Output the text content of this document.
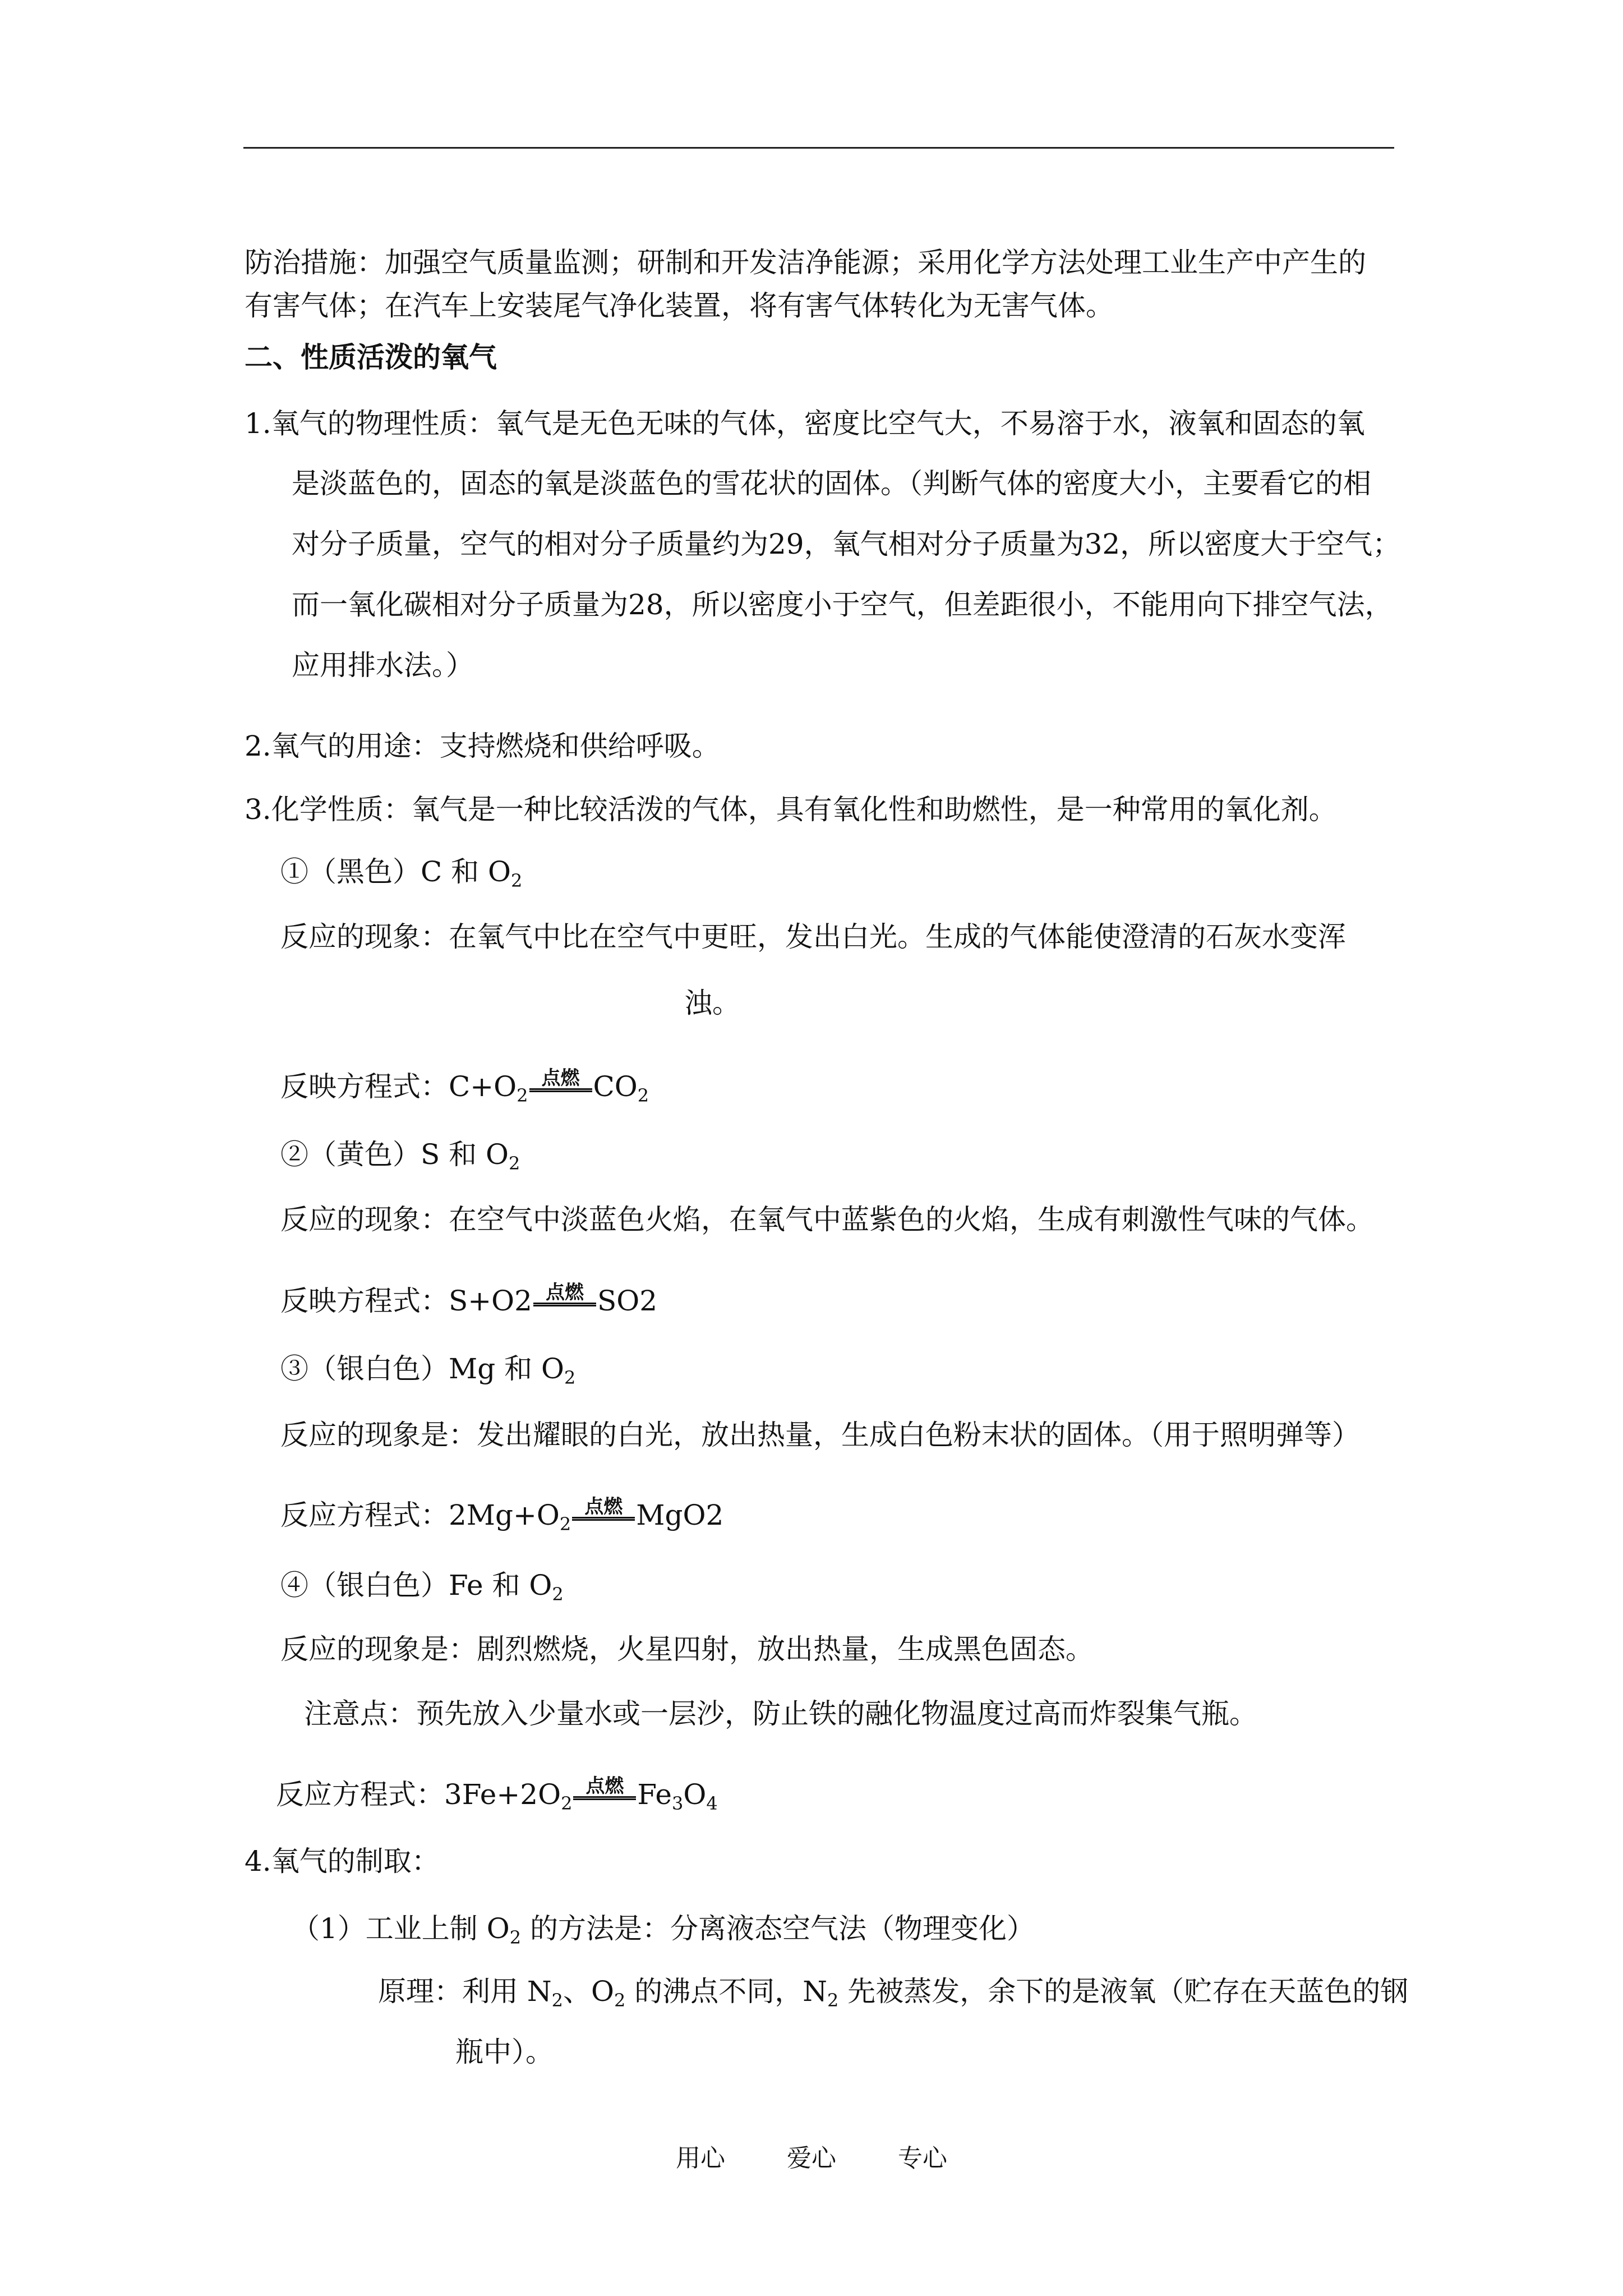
防治措施：加强空气质量监测；研制和开发洁净能源；采用化学方法处理工业生产中产生的
有害气体；在汽车上安装尾气净化装置，将有害气体转化为无害气体。
二、性质活泼的氧气
1.氧气的物理性质：氧气是无色无味的气体，密度比空气大，不易溶于水，液氧和固态的氧
是淡蓝色的，固态的氧是淡蓝色的雪花状的固体。（判断气体的密度大小，主要看它的相
对分子质量，空气的相对分子质量约为29，氧气相对分子质量为32，所以密度大于空气；
而一氧化碳相对分子质量为28，所以密度小于空气，但差距很小，不能用向下排空气法，
应用排水法。）
2.氧气的用途：支持燃烧和供给呼吸。
3.化学性质：氧气是一种比较活泼的气体，具有氧化性和助燃性，是一种常用的氧化剂。
①（黑色）C 和 $O_2$
反应的现象：在氧气中比在空气中更旺，发出白光。生成的气体能使澄清的石灰水变浑
浊。
反映方程式：$C+O_2$
点燃 $CO_2$
②（黄色）S 和 $O_2$
反应的现象：在空气中淡蓝色火焰，在氧气中蓝紫色的火焰，生成有刺激性气味的气体。
反映方程式：S+O2 点燃 SO2
③（银白色）Mg 和 $O_2$
反应的现象是：发出耀眼的白光，放出热量，生成白色粉末状的固体。（用于照明弹等）
反应方程式：$2Mg+O_2$
点燃 MgO2
④（银白色）Fe 和 $O_2$
反应的现象是：剧烈燃烧，火星四射，放出热量，生成黑色固态。
注意点：预先放入少量水或一层沙，防止铁的融化物温度过高而炸裂集气瓶。
反应方程式：$3Fe+2O_2$
点燃 $Fe_3O_4$
4.氧气的制取：
（1）工业上制 $O_2$ 的方法是：分离液态空气法（物理变化）
原理：利用 $N_2$、$O_2$ 的沸点不同，$N_2$ 先被蒸发，余下的是液氧（贮存在天蓝色的钢
瓶中）。
用心	爱心	专心
